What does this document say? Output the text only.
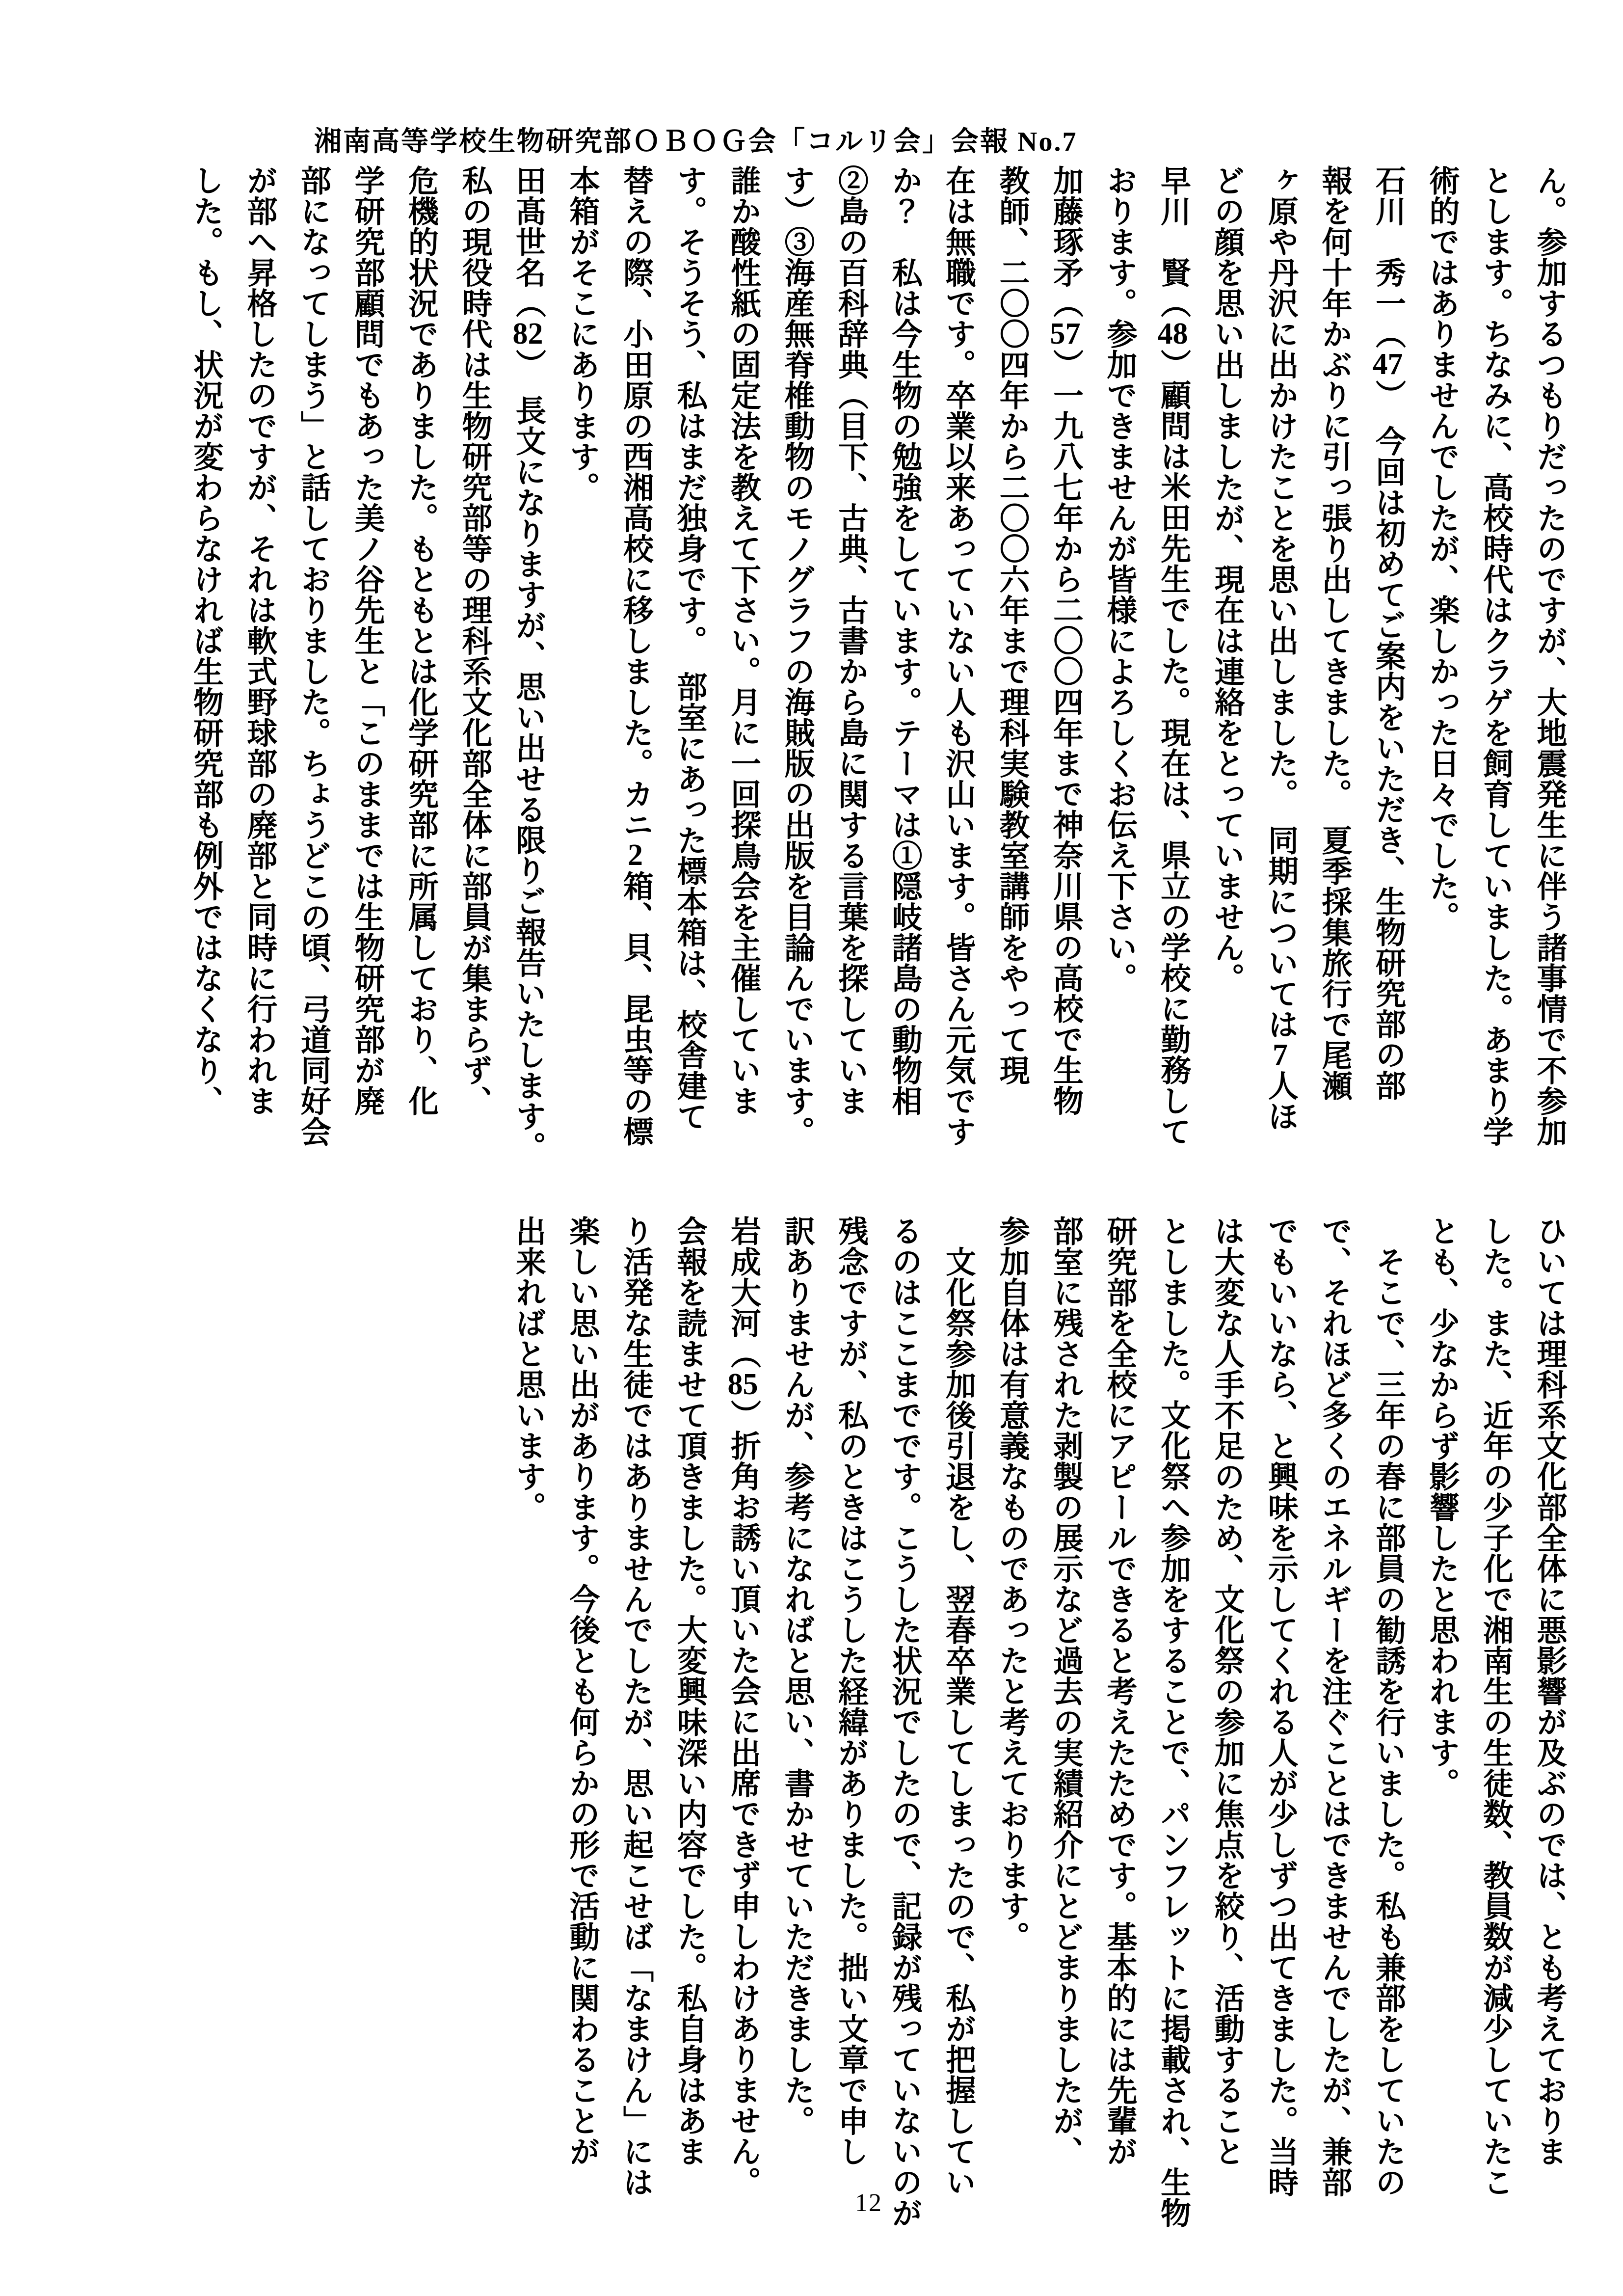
湘南高等学校生物研究部ＯＢＯＧ会「コルリ会」会報 No.7

ん。参加するつもりだったのですが、大地震発生に伴う諸事情で不参加

とします。ちなみに、高校時代はクラゲを飼育していました。あまり学

術的ではありませんでしたが、楽しかった日々でした。

石川　秀一（47）　今回は初めてご案内をいただき、生物研究部の部

報を何十年かぶりに引っ張り出してきました。　夏季採集旅行で尾瀬

ヶ原や丹沢に出かけたことを思い出しました。　同期については7人ほ

どの顔を思い出しましたが、現在は連絡をとっていません。

早川　賢（48）顧問は米田先生でした。現在は、県立の学校に勤務して

おります。参加できませんが皆様によろしくお伝え下さい。

加藤琢矛（57）一九八七年から二〇〇四年まで神奈川県の高校で生物

教師、二〇〇四年から二〇〇六年まで理科実験教室講師をやって現

在は無職です。卒業以来あっていない人も沢山います。皆さん元気です

か？　私は今生物の勉強をしています。テーマは①隠岐諸島の動物相

②島の百科辞典（目下、古典、古書から島に関する言葉を探していま

す）③海産無脊椎動物のモノグラフの海賊版の出版を目論んでいます。

誰か酸性紙の固定法を教えて下さい。月に一回探鳥会を主催していま

す。そうそう、私はまだ独身です。　部室にあった標本箱は、校舎建て

替えの際、小田原の西湘高校に移しました。カニ2箱、貝、昆虫等の標

本箱がそこにあります。

田髙世名（82）　長文になりますが、思い出せる限りご報告いたします。

私の現役時代は生物研究部等の理科系文化部全体に部員が集まらず、

危機的状況でありました。もともとは化学研究部に所属しており、化

学研究部顧問でもあった美ノ谷先生と「このままでは生物研究部が廃

部になってしまう」と話しておりました。ちょうどこの頃、弓道同好会

が部へ昇格したのですが、それは軟式野球部の廃部と同時に行われま

した。もし、状況が変わらなければ生物研究部も例外ではなくなり、

ひいては理科系文化部全体に悪影響が及ぶのでは、とも考えておりま

した。また、近年の少子化で湘南生の生徒数、教員数が減少していたこ

とも、少なからず影響したと思われます。

　そこで、三年の春に部員の勧誘を行いました。私も兼部をしていたの

で、それほど多くのエネルギーを注ぐことはできませんでしたが、兼部

でもいいなら、と興味を示してくれる人が少しずつ出てきました。当時

は大変な人手不足のため、文化祭の参加に焦点を絞り、活動すること

としました。文化祭へ参加をすることで、パンフレットに掲載され、生物

研究部を全校にアピールできると考えたためです。基本的には先輩が

部室に残された剥製の展示など過去の実績紹介にとどまりましたが、

参加自体は有意義なものであったと考えております。

　文化祭参加後引退をし、翌春卒業してしまったので、私が把握してい

るのはここまでです。こうした状況でしたので、記録が残っていないのが

残念ですが、私のときはこうした経緯がありました。拙い文章で申し

訳ありませんが、参考になればと思い、書かせていただきました。

岩成大河（85）折角お誘い頂いた会に出席できず申しわけありません。

会報を読ませて頂きました。大変興味深い内容でした。私自身はあま

り活発な生徒ではありませんでしたが、思い起こせば「なまけん」には

楽しい思い出があります。今後とも何らかの形で活動に関わることが

出来ればと思います。

12
